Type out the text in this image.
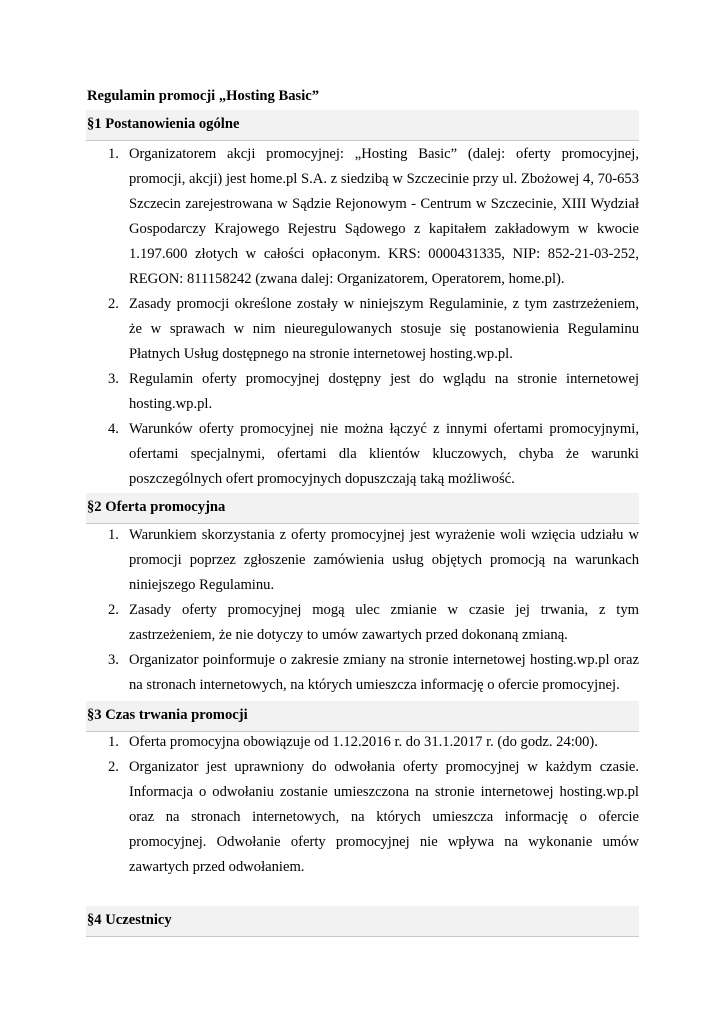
Regulamin promocji „Hosting Basic”
§1 Postanowienia ogólne
1. Organizatorem akcji promocyjnej: „Hosting Basic” (dalej: oferty promocyjnej, promocji, akcji) jest home.pl S.A. z siedzibą w Szczecinie przy ul. Zbożowej 4, 70-653 Szczecin zarejestrowana w Sądzie Rejonowym - Centrum w Szczecinie, XIII Wydział Gospodarczy Krajowego Rejestru Sądowego z kapitałem zakładowym w kwocie 1.197.600 złotych w całości opłaconym. KRS: 0000431335, NIP: 852-21-03-252, REGON: 811158242 (zwana dalej: Organizatorem, Operatorem, home.pl).
2. Zasady promocji określone zostały w niniejszym Regulaminie, z tym zastrzeżeniem, że w sprawach w nim nieuregulowanych stosuje się postanowienia Regulaminu Płatnych Usług dostępnego na stronie internetowej hosting.wp.pl.
3. Regulamin oferty promocyjnej dostępny jest do wglądu na stronie internetowej hosting.wp.pl.
4. Warunków oferty promocyjnej nie można łączyć z innymi ofertami promocyjnymi, ofertami specjalnymi, ofertami dla klientów kluczowych, chyba że warunki poszczególnych ofert promocyjnych dopuszczają taką możliwość.
§2 Oferta promocyjna
1. Warunkiem skorzystania z oferty promocyjnej jest wyrażenie woli wzięcia udziału w promocji poprzez zgłoszenie zamówienia usług objętych promocją na warunkach niniejszego Regulaminu.
2. Zasady oferty promocyjnej mogą ulec zmianie w czasie jej trwania, z tym zastrzeżeniem, że nie dotyczy to umów zawartych przed dokonaną zmianą.
3. Organizator poinformuje o zakresie zmiany na stronie internetowej hosting.wp.pl oraz na stronach internetowych, na których umieszcza informację o ofercie promocyjnej.
§3 Czas trwania promocji
1. Oferta promocyjna obowiązuje od 1.12.2016 r. do 31.1.2017 r. (do godz. 24:00).
2. Organizator jest uprawniony do odwołania oferty promocyjnej w każdym czasie. Informacja o odwołaniu zostanie umieszczona na stronie internetowej hosting.wp.pl oraz na stronach internetowych, na których umieszcza informację o ofercie promocyjnej. Odwołanie oferty promocyjnej nie wpływa na wykonanie umów zawartych przed odwołaniem.
§4 Uczestnicy
